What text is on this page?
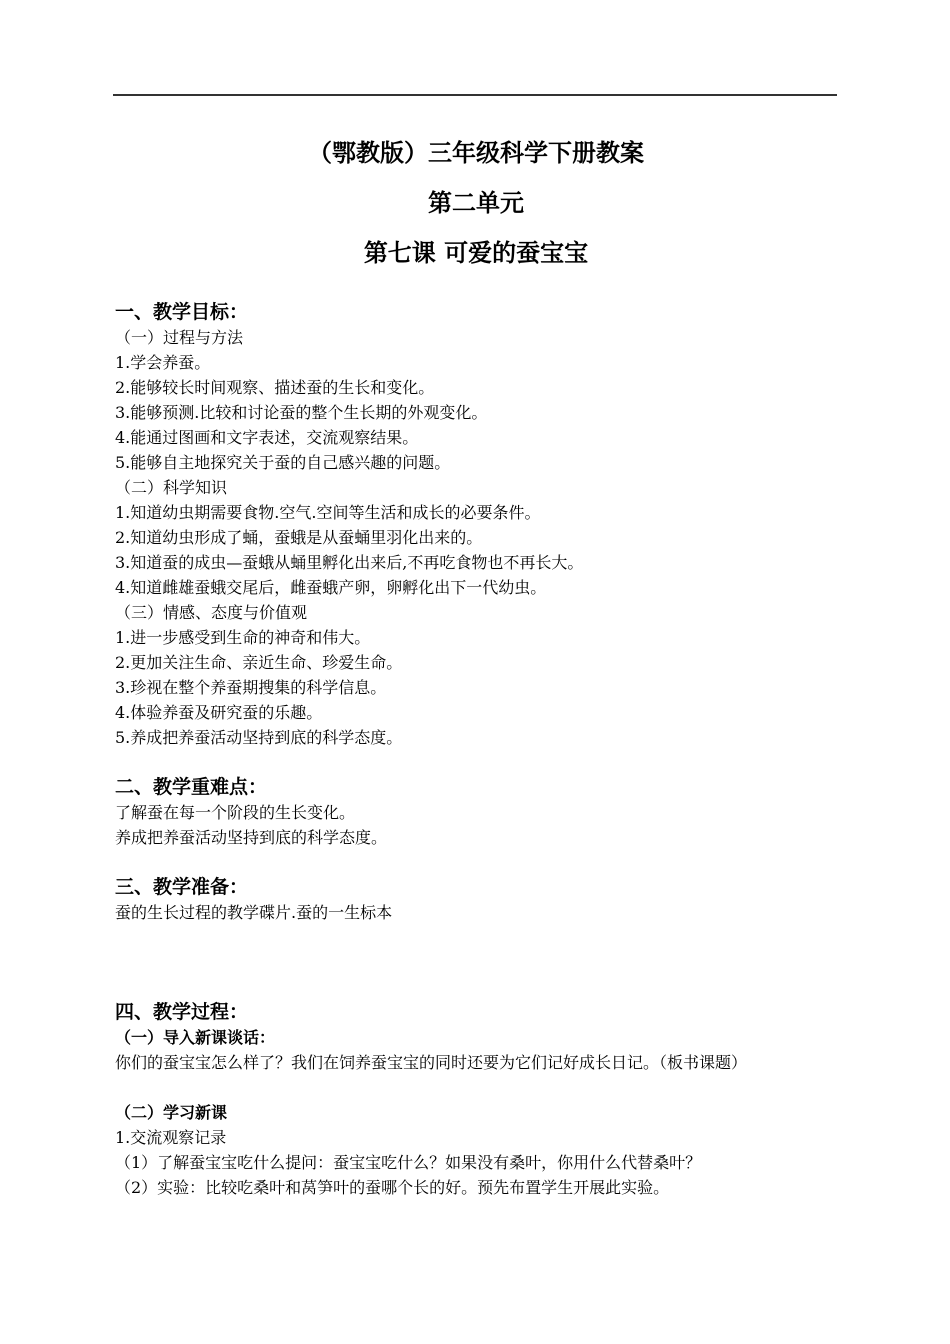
（鄂教版）三年级科学下册教案

第二单元

第七课 可爱的蚕宝宝

一、教学目标：

（一）过程与方法

1.学会养蚕。

2.能够较长时间观察、描述蚕的生长和变化。

3.能够预测.比较和讨论蚕的整个生长期的外观变化。

4.能通过图画和文字表述，交流观察结果。

5.能够自主地探究关于蚕的自己感兴趣的问题。

（二）科学知识

1.知道幼虫期需要食物.空气.空间等生活和成长的必要条件。

2.知道幼虫形成了蛹，蚕蛾是从蚕蛹里羽化出来的。

3.知道蚕的成虫—蚕蛾从蛹里孵化出来后,不再吃食物也不再长大。

4.知道雌雄蚕蛾交尾后，雌蚕蛾产卵，卵孵化出下一代幼虫。

（三）情感、态度与价值观

1.进一步感受到生命的神奇和伟大。

2.更加关注生命、亲近生命、珍爱生命。

3.珍视在整个养蚕期搜集的科学信息。

4.体验养蚕及研究蚕的乐趣。

5.养成把养蚕活动坚持到底的科学态度。

二、教学重难点：

了解蚕在每一个阶段的生长变化。

养成把养蚕活动坚持到底的科学态度。

三、教学准备：

蚕的生长过程的教学碟片.蚕的一生标本

四、教学过程：

（一）导入新课谈话：

你们的蚕宝宝怎么样了？我们在饲养蚕宝宝的同时还要为它们记好成长日记。（板书课题）

（二）学习新课

1.交流观察记录

（1）了解蚕宝宝吃什么提问：蚕宝宝吃什么？如果没有桑叶，你用什么代替桑叶？

（2）实验：比较吃桑叶和莴笋叶的蚕哪个长的好。预先布置学生开展此实验。
